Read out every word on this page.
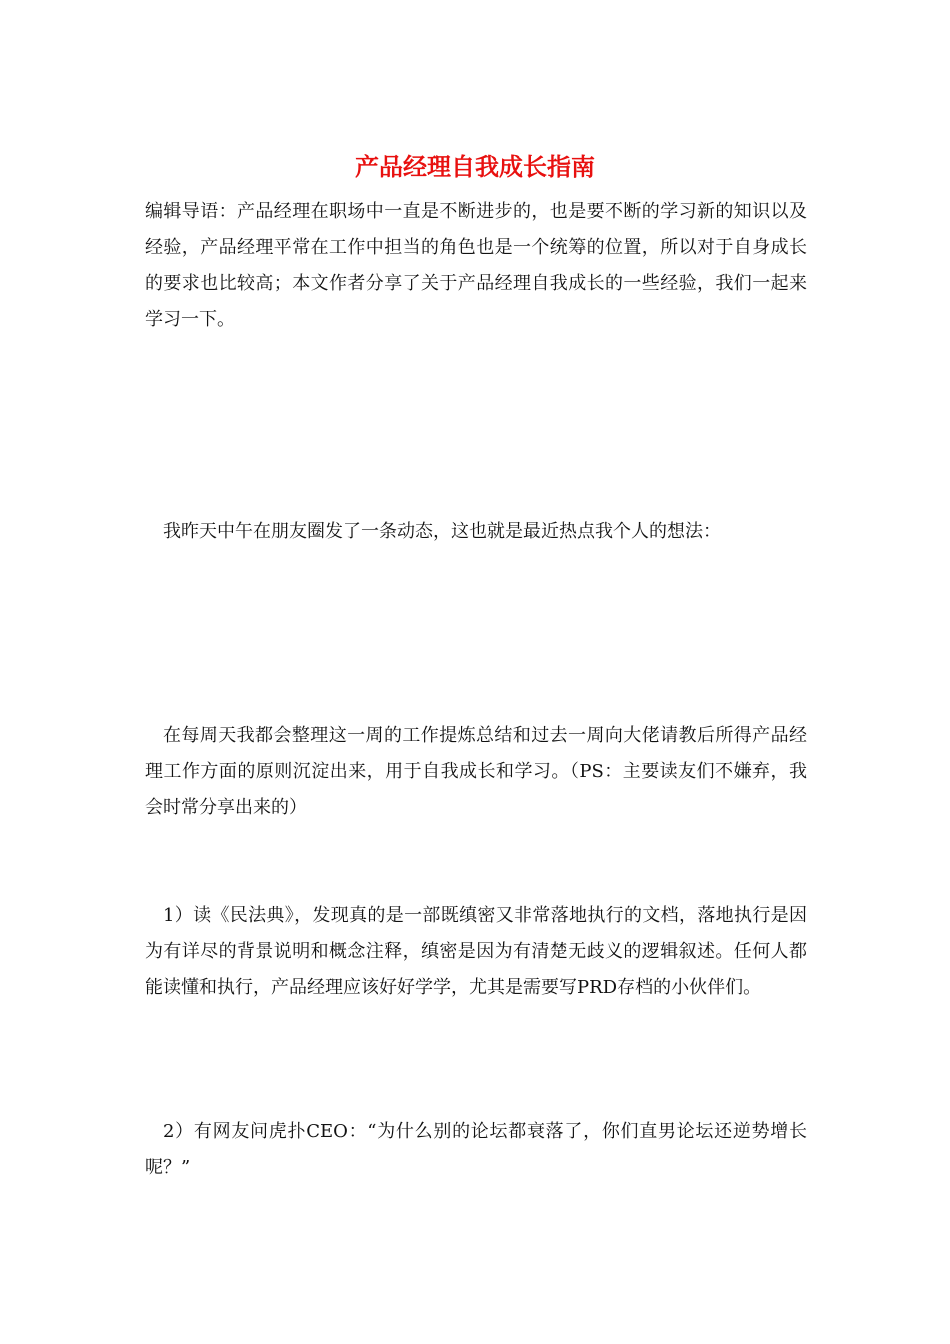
产品经理自我成长指南

编辑导语：产品经理在职场中一直是不断进步的，也是要不断的学习新的知识以及经验，产品经理平常在工作中担当的角色也是一个统筹的位置，所以对于自身成长的要求也比较高；本文作者分享了关于产品经理自我成长的一些经验，我们一起来学习一下。

我昨天中午在朋友圈发了一条动态，这也就是最近热点我个人的想法：

在每周天我都会整理这一周的工作提炼总结和过去一周向大佬请教后所得产品经理工作方面的原则沉淀出来，用于自我成长和学习。（PS：主要读友们不嫌弃，我会时常分享出来的）

1）读《民法典》，发现真的是一部既缜密又非常落地执行的文档，落地执行是因为有详尽的背景说明和概念注释，缜密是因为有清楚无歧义的逻辑叙述。任何人都能读懂和执行，产品经理应该好好学学，尤其是需要写PRD存档的小伙伴们。

2）有网友问虎扑CEO：“为什么别的论坛都衰落了，你们直男论坛还逆势增长呢？”
